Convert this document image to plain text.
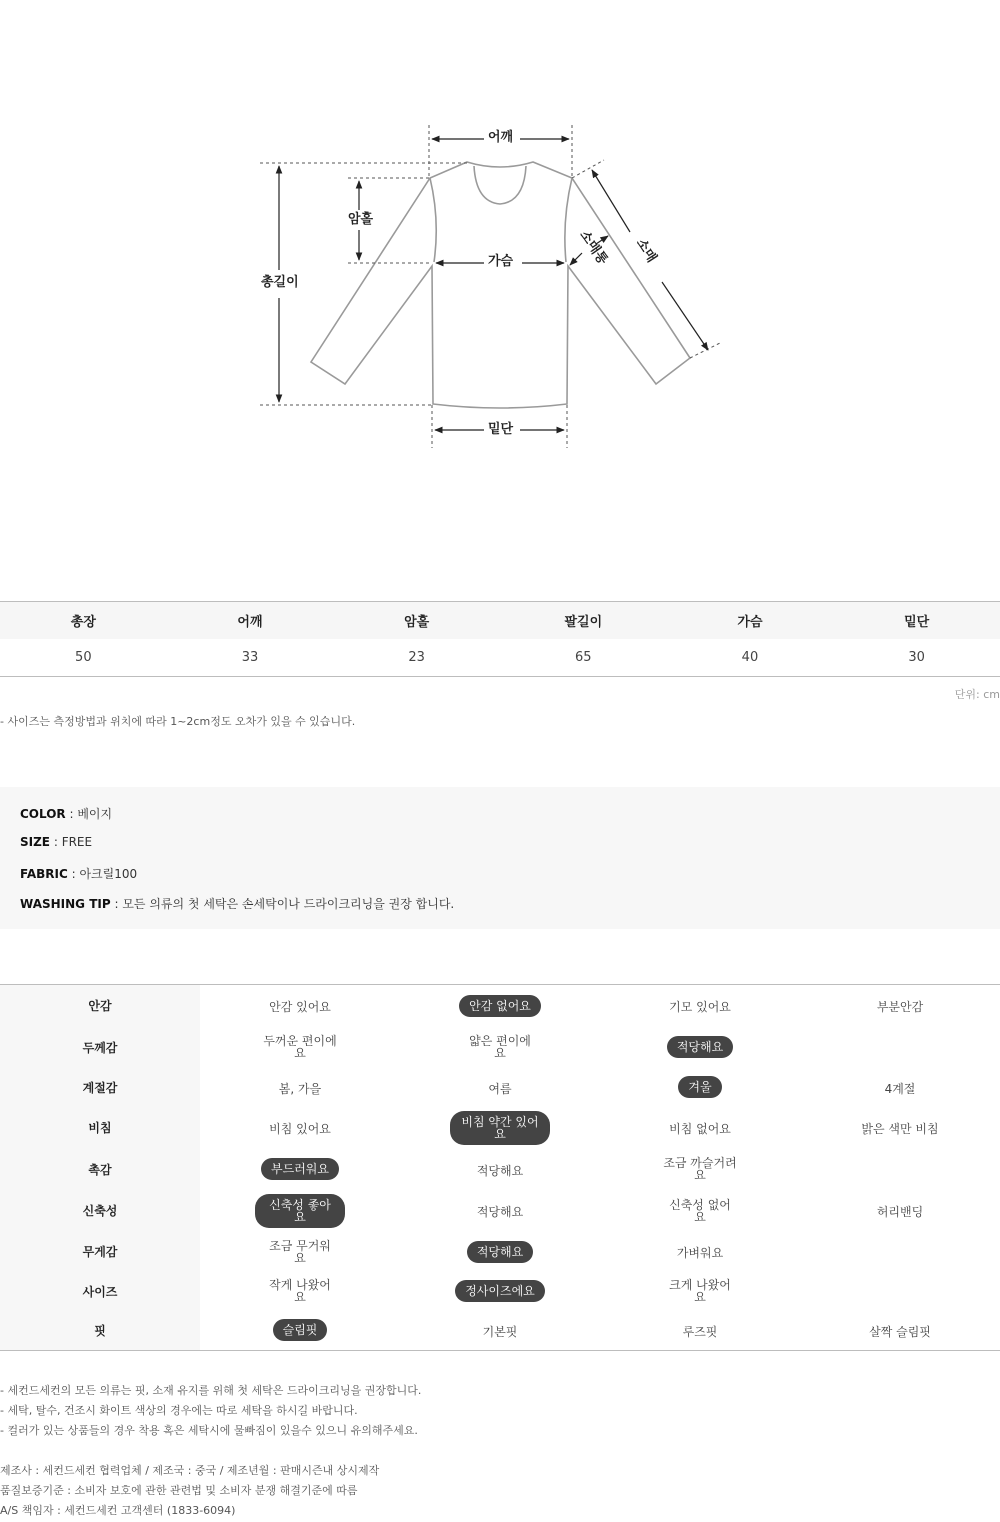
어깨
암홀
총길이
가슴	소매통 소매
밑단
총장	어깨	암홀	팔길이	가슴	밑단
50	33	23	65	40	30
단위: cm
- 사이즈는 측정방법과 위치에 따라 1~2cm정도 오차가 있을 수 있습니다.
COLOR : 베이지
SIZE : FREE
FABRIC : 아크릴100
WASHING TIP : 모든 의류의 첫 세탁은 손세탁이나 드라이크리닝을 권장 합니다.
안감	안감 있어요	안감 없어요	기모 있어요	부분안감
두께감	두꺼운 편이에요	얇은 편이에요	적당해요	
계절감	봄, 가을	여름	겨울	4계절
비침	비침 있어요	비침 약간 있어요	비침 없어요	밝은 색만 비침
촉감	부드러워요	적당해요	조금 까슬거려요	
신축성	신축성 좋아요	적당해요	신축성 없어요	허리밴딩
무게감	조금 무거워요	적당해요	가벼워요	
사이즈	작게 나왔어요	정사이즈에요	크게 나왔어요	
핏	슬림핏	기본핏	루즈핏	살짝 슬림핏
- 세컨드세컨의 모든 의류는 핏, 소재 유지를 위해 첫 세탁은 드라이크리닝을 권장합니다.
- 세탁, 탈수, 건조시 화이트 색상의 경우에는 따로 세탁을 하시길 바랍니다.
- 컬러가 있는 상품들의 경우 착용 혹은 세탁시에 물빠짐이 있을수 있으니 유의해주세요.
제조사 : 세컨드세컨 협력업체 / 제조국 : 중국 / 제조년월 : 판매시즌내 상시제작
품질보증기준 : 소비자 보호에 관한 관련법 및 소비자 분쟁 해결기준에 따름
A/S 책임자 : 세컨드세컨 고객센터 (1833-6094)
